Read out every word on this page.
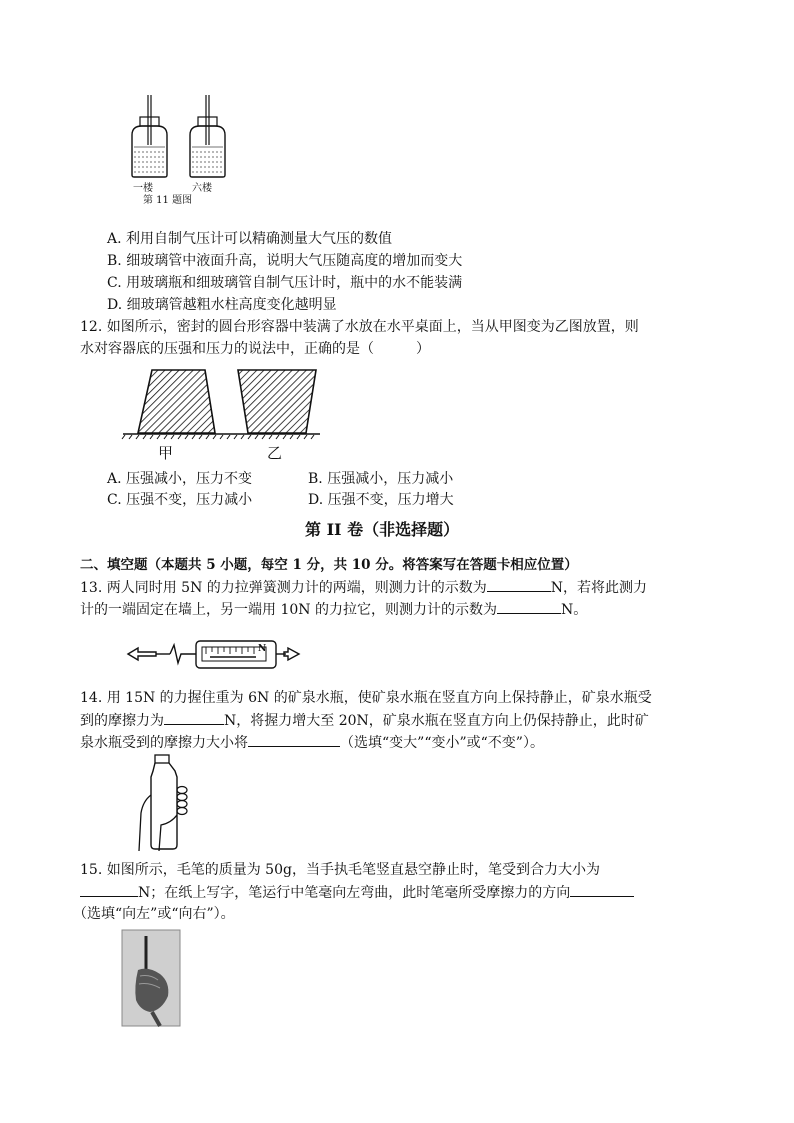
一楼	六楼
第 11 题图
A. 利用自制气压计可以精确测量大气压的数值
B. 细玻璃管中液面升高，说明大气压随高度的增加而变大
C. 用玻璃瓶和细玻璃管自制气压计时，瓶中的水不能装满
D. 细玻璃管越粗水柱高度变化越明显
12. 如图所示，密封的圆台形容器中装满了水放在水平桌面上，当从甲图变为乙图放置，则
水对容器底的压强和压力的说法中，正确的是（　　　）
甲	乙
A. 压强减小，压力不变	B. 压强减小，压力减小
C. 压强不变，压力减小	D. 压强不变，压力增大
第 II 卷（非选择题）
二、填空题（本题共 5 小题，每空 1 分，共 10 分。将答案写在答题卡相应位置）
13. 两人同时用 5N 的力拉弹簧测力计的两端，则测力计的示数为	N，若将此测力
计的一端固定在墙上，另一端用 10N 的力拉它，则测力计的示数为	N。
N
14. 用 15N 的力握住重为 6N 的矿泉水瓶，使矿泉水瓶在竖直方向上保持静止，矿泉水瓶受
到的摩擦力为	N，将握力增大至 20N，矿泉水瓶在竖直方向上仍保持静止，此时矿
泉水瓶受到的摩擦力大小将	（选填“变大”“变小”或“不变”）。
15. 如图所示，毛笔的质量为 50g，当手执毛笔竖直悬空静止时，笔受到合力大小为
N；在纸上写字，笔运行中笔毫向左弯曲，此时笔毫所受摩擦力的方向
（选填“向左”或“向右”）。
